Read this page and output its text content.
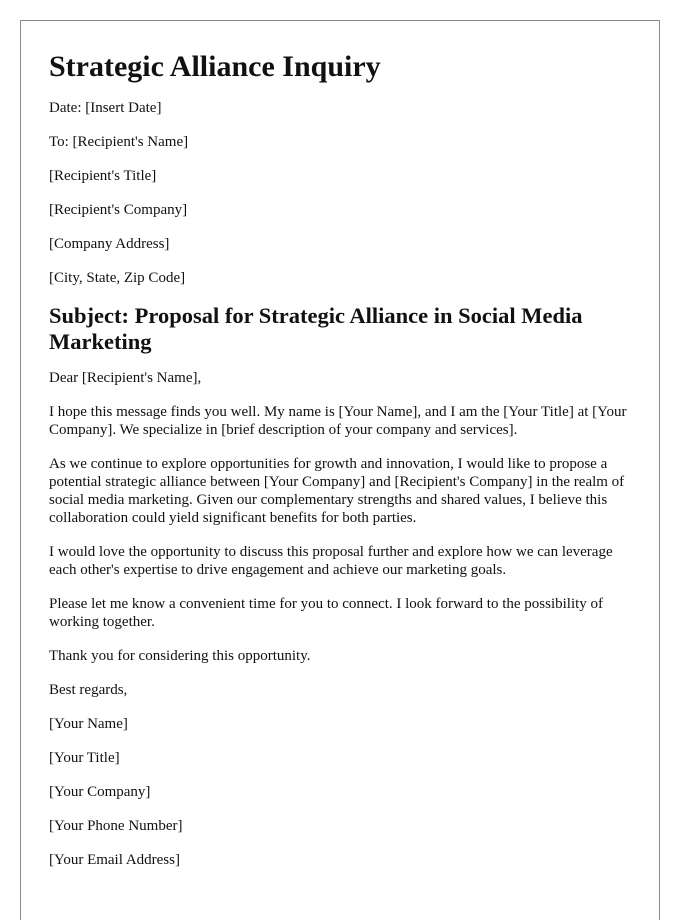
Strategic Alliance Inquiry

Date: [Insert Date]

To: [Recipient's Name]

[Recipient's Title]

[Recipient's Company]

[Company Address]

[City, State, Zip Code]

Subject: Proposal for Strategic Alliance in Social Media Marketing

Dear [Recipient's Name],

I hope this message finds you well. My name is [Your Name], and I am the [Your Title] at [Your Company]. We specialize in [brief description of your company and services].

As we continue to explore opportunities for growth and innovation, I would like to propose a potential strategic alliance between [Your Company] and [Recipient's Company] in the realm of social media marketing. Given our complementary strengths and shared values, I believe this collaboration could yield significant benefits for both parties.

I would love the opportunity to discuss this proposal further and explore how we can leverage each other's expertise to drive engagement and achieve our marketing goals.

Please let me know a convenient time for you to connect. I look forward to the possibility of working together.

Thank you for considering this opportunity.

Best regards,

[Your Name]

[Your Title]

[Your Company]

[Your Phone Number]

[Your Email Address]
